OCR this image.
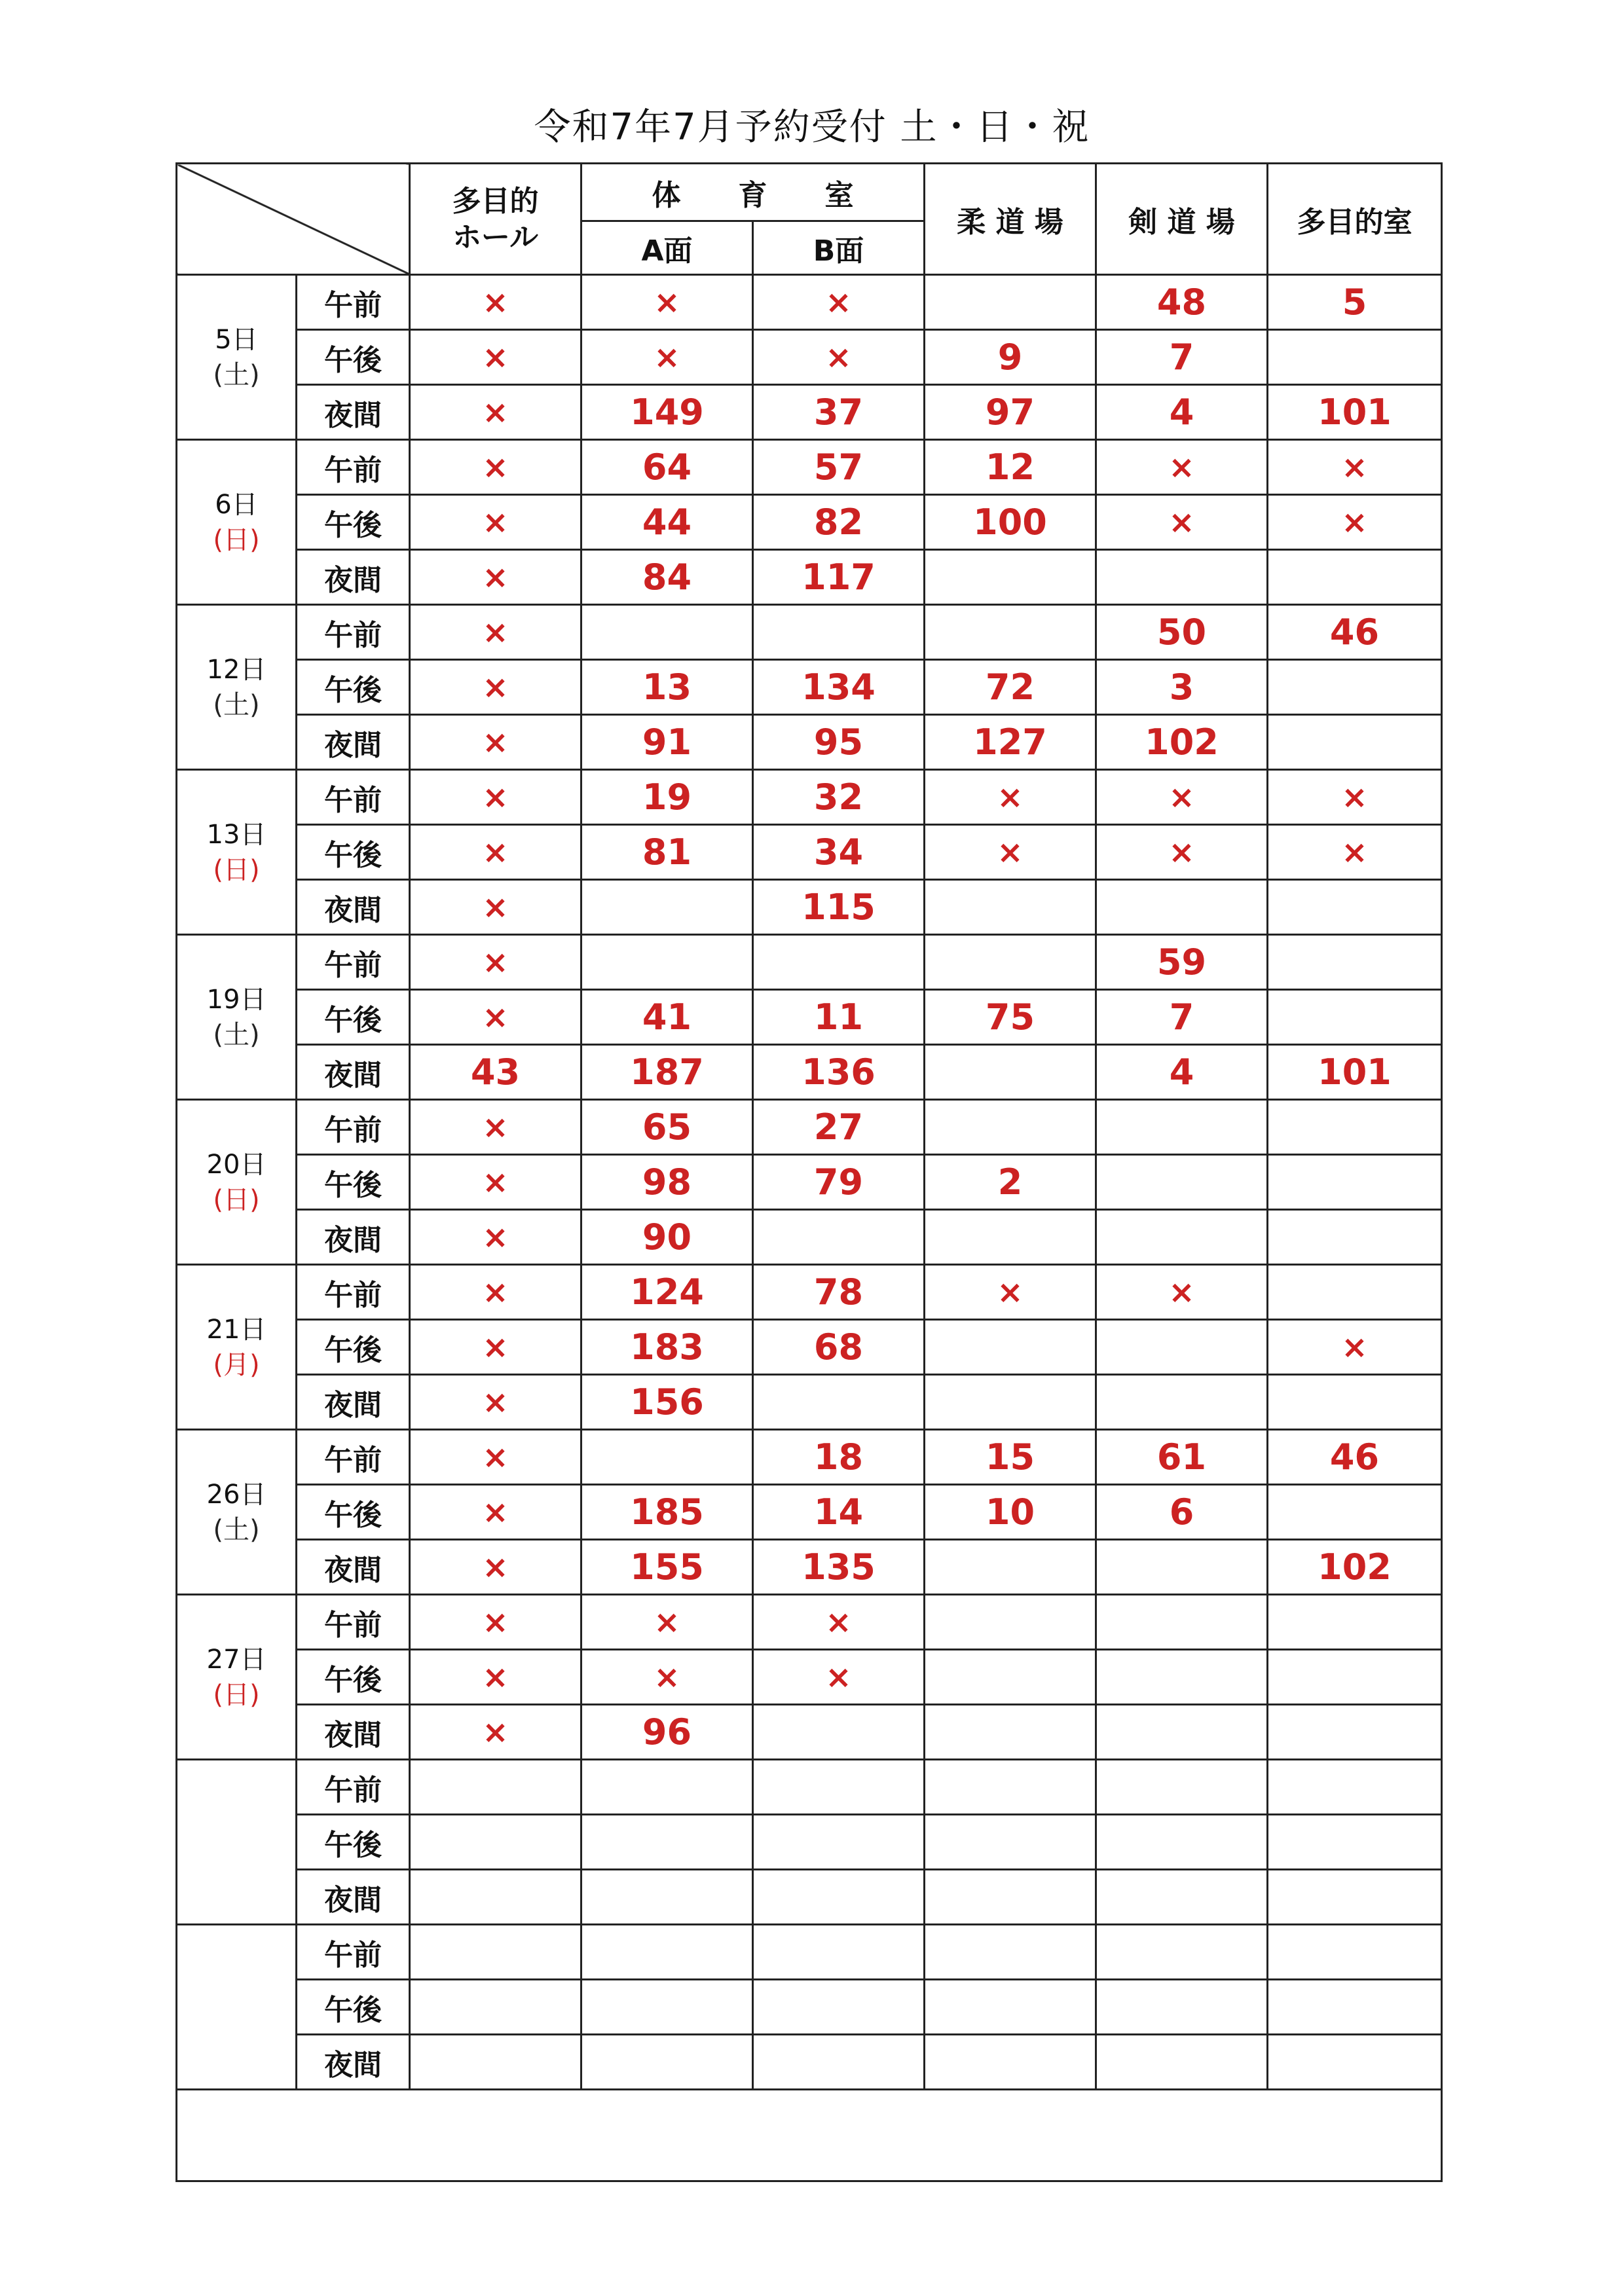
令和7年7月予約受付 土・日・祝
		多目的
ホール	体　　育　　室		柔 道 場	剣 道 場	多目的室
			A面	B面			

5日
(土)	午前	×	×	×		48	5
	午後	×	×	×	9	7	
	夜間	×	149	37	97	4	101

6日
(日)	午前	×	64	57	12	×	×
	午後	×	44	82	100	×	×
	夜間	×	84	117			

12日
(土)	午前	×				50	46
	午後	×	13	134	72	3	
	夜間	×	91	95	127	102	

13日
(日)	午前	×	19	32	×	×	×
	午後	×	81	34	×	×	×
	夜間	×		115			

19日
(土)	午前	×				59	
	午後	×	41	11	75	7	
	夜間	43	187	136		4	101

20日
(日)	午前	×	65	27			
	午後	×	98	79	2		
	夜間	×	90				

21日
(月)	午前	×	124	78	×	×	
	午後	×	183	68			×
	夜間	×	156				

26日
(土)	午前	×		18	15	61	46
	午後	×	185	14	10	6	
	夜間	×	155	135			102

27日
(日)	午前	×	×	×			
	午後	×	×	×			
	夜間	×	96				

	午前						
	午後						
	夜間						

	午前						
	午後						
	夜間						
